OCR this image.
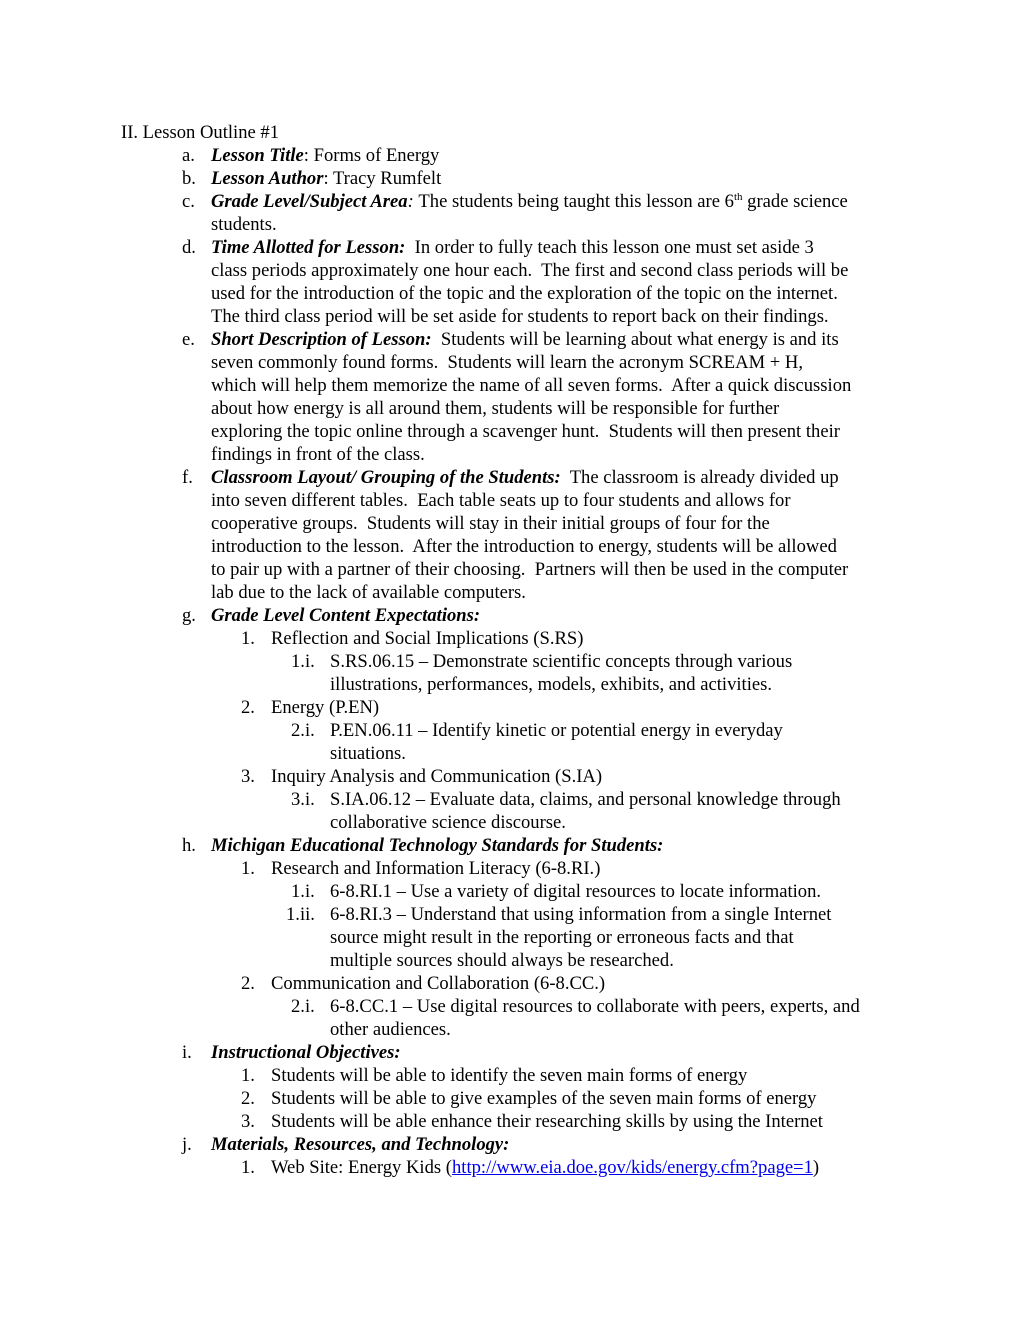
II. Lesson Outline #1
a. Lesson Title: Forms of Energy
b. Lesson Author: Tracy Rumfelt
c. Grade Level/Subject Area: The students being taught this lesson are 6th grade science
students.
d. Time Allotted for Lesson:  In order to fully teach this lesson one must set aside 3
class periods approximately one hour each.  The first and second class periods will be
used for the introduction of the topic and the exploration of the topic on the internet.
The third class period will be set aside for students to report back on their findings.
e. Short Description of Lesson:  Students will be learning about what energy is and its
seven commonly found forms.  Students will learn the acronym SCREAM + H,
which will help them memorize the name of all seven forms.  After a quick discussion
about how energy is all around them, students will be responsible for further
exploring the topic online through a scavenger hunt.  Students will then present their
findings in front of the class.
f. Classroom Layout/ Grouping of the Students:  The classroom is already divided up
into seven different tables.  Each table seats up to four students and allows for
cooperative groups.  Students will stay in their initial groups of four for the
introduction to the lesson.  After the introduction to energy, students will be allowed
to pair up with a partner of their choosing.  Partners will then be used in the computer
lab due to the lack of available computers.
g. Grade Level Content Expectations:
1. Reflection and Social Implications (S.RS)
1.i. S.RS.06.15 – Demonstrate scientific concepts through various
illustrations, performances, models, exhibits, and activities.
2. Energy (P.EN)
2.i. P.EN.06.11 – Identify kinetic or potential energy in everyday
situations.
3. Inquiry Analysis and Communication (S.IA)
3.i. S.IA.06.12 – Evaluate data, claims, and personal knowledge through
collaborative science discourse.
h. Michigan Educational Technology Standards for Students:
1. Research and Information Literacy (6-8.RI.)
1.i. 6-8.RI.1 – Use a variety of digital resources to locate information.
1.ii. 6-8.RI.3 – Understand that using information from a single Internet
source might result in the reporting or erroneous facts and that
multiple sources should always be researched.
2. Communication and Collaboration (6-8.CC.)
2.i. 6-8.CC.1 – Use digital resources to collaborate with peers, experts, and
other audiences.
i. Instructional Objectives:
1. Students will be able to identify the seven main forms of energy
2. Students will be able to give examples of the seven main forms of energy
3. Students will be able enhance their researching skills by using the Internet
j. Materials, Resources, and Technology:
1. Web Site: Energy Kids (http://www.eia.doe.gov/kids/energy.cfm?page=1)
